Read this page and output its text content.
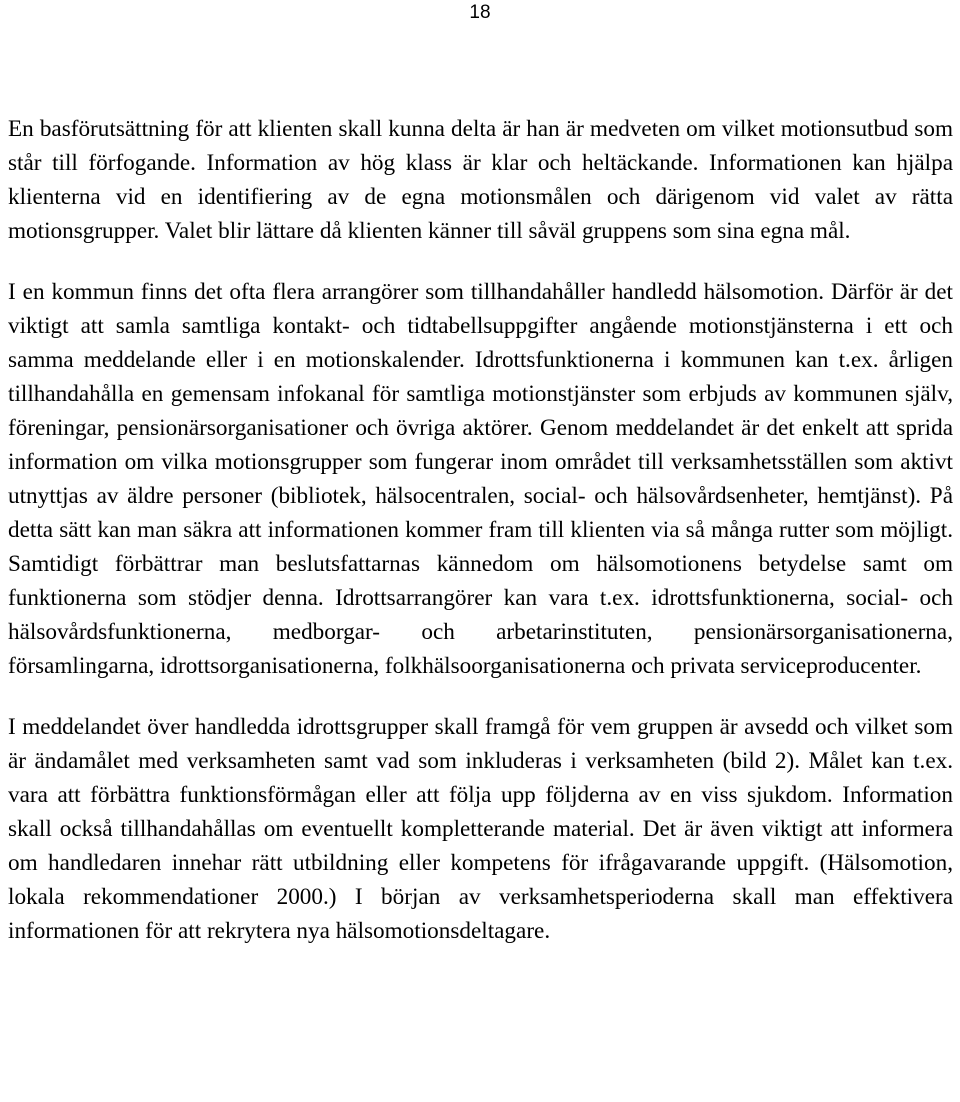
18

En basförutsättning för att klienten skall kunna delta är han är medveten om vilket motionsutbud som står till förfogande. Information av hög klass är klar och heltäckande. Informationen kan hjälpa klienterna vid en identifiering av de egna motionsmålen och därigenom vid valet av rätta motionsgrupper. Valet blir lättare då klienten känner till såväl gruppens som sina egna mål.

I en kommun finns det ofta flera arrangörer som tillhandahåller handledd hälsomotion. Därför är det viktigt att samla samtliga kontakt- och tidtabellsuppgifter angående motionstjänsterna i ett och samma meddelande eller i en motionskalender. Idrottsfunktionerna i kommunen kan t.ex. årligen tillhandahålla en gemensam infokanal för samtliga motionstjänster som erbjuds av kommunen själv, föreningar, pensionärsorganisationer och övriga aktörer. Genom meddelandet är det enkelt att sprida information om vilka motionsgrupper som fungerar inom området till verksamhetsställen som aktivt utnyttjas av äldre personer (bibliotek, hälsocentralen, social- och hälsovårdsenheter, hemtjänst). På detta sätt kan man säkra att informationen kommer fram till klienten via så många rutter som möjligt. Samtidigt förbättrar man beslutsfattarnas kännedom om hälsomotionens betydelse samt om funktionerna som stödjer denna. Idrottsarrangörer kan vara t.ex. idrottsfunktionerna, social- och hälsovårdsfunktionerna, medborgar- och arbetarinstituten, pensionärsorganisationerna, församlingarna, idrottsorganisationerna, folkhälsoorganisationerna och privata serviceproducenter.

I meddelandet över handledda idrottsgrupper skall framgå för vem gruppen är avsedd och vilket som är ändamålet med verksamheten samt vad som inkluderas i verksamheten (bild 2). Målet kan t.ex. vara att förbättra funktionsförmågan eller att följa upp följderna av en viss sjukdom. Information skall också tillhandahållas om eventuellt kompletterande material. Det är även viktigt att informera om handledaren innehar rätt utbildning eller kompetens för ifrågavarande uppgift. (Hälsomotion, lokala rekommendationer 2000.) I början av verksamhetsperioderna skall man effektivera informationen för att rekrytera nya hälsomotionsdeltagare.
